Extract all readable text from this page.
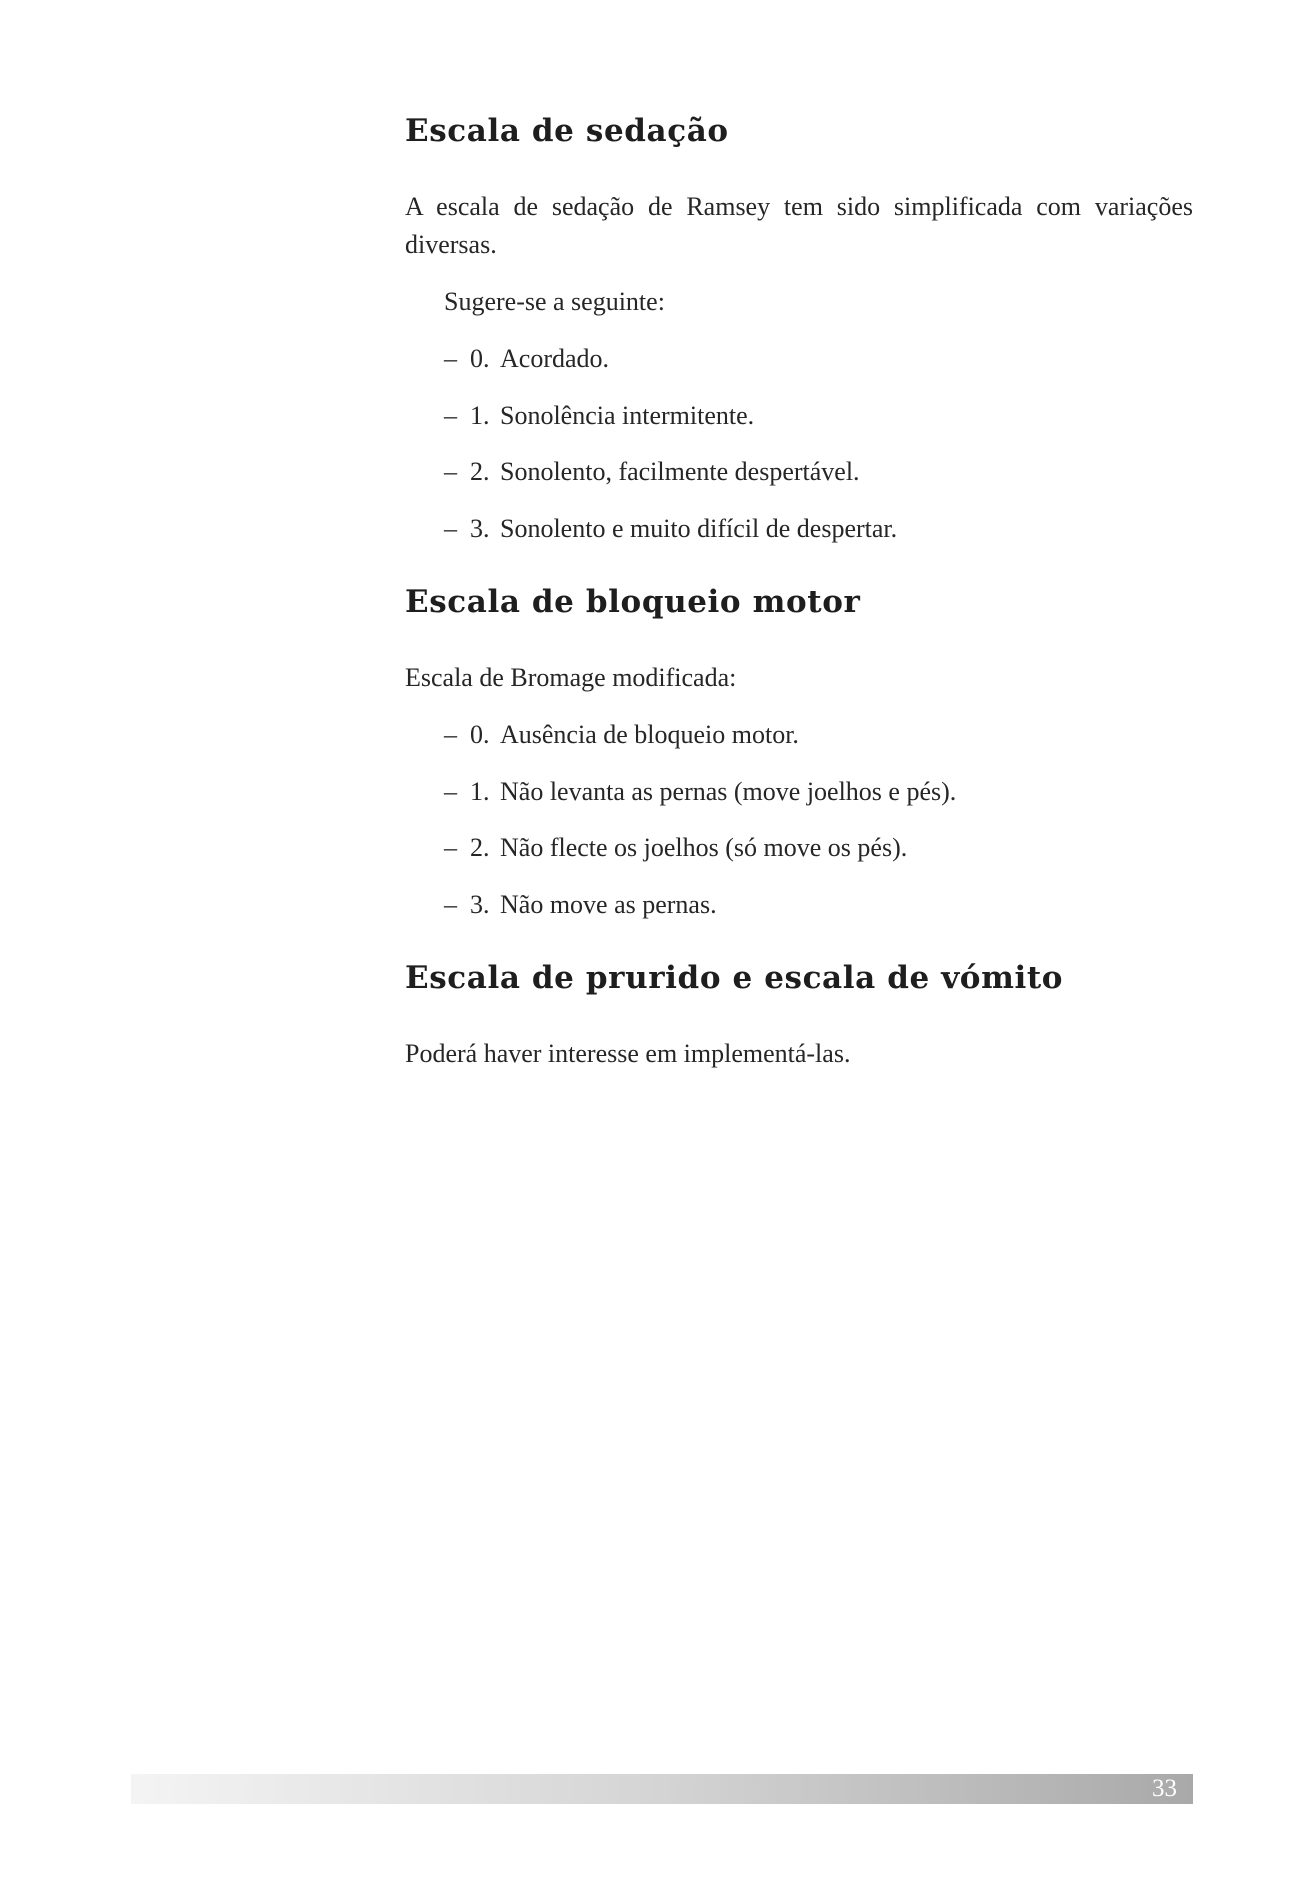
Escala de sedação

A escala de sedação de Ramsey tem sido simplificada com variações diversas.

Sugere-se a seguinte:

– 0. Acordado.
– 1. Sonolência intermitente.
– 2. Sonolento, facilmente despertável.
– 3. Sonolento e muito difícil de despertar.
Escala de bloqueio motor

Escala de Bromage modificada:

– 0. Ausência de bloqueio motor.
– 1. Não levanta as pernas (move joelhos e pés).
– 2. Não flecte os joelhos (só move os pés).
– 3. Não move as pernas.
Escala de prurido e escala de vómito

Poderá haver interesse em implementá-las.

33
